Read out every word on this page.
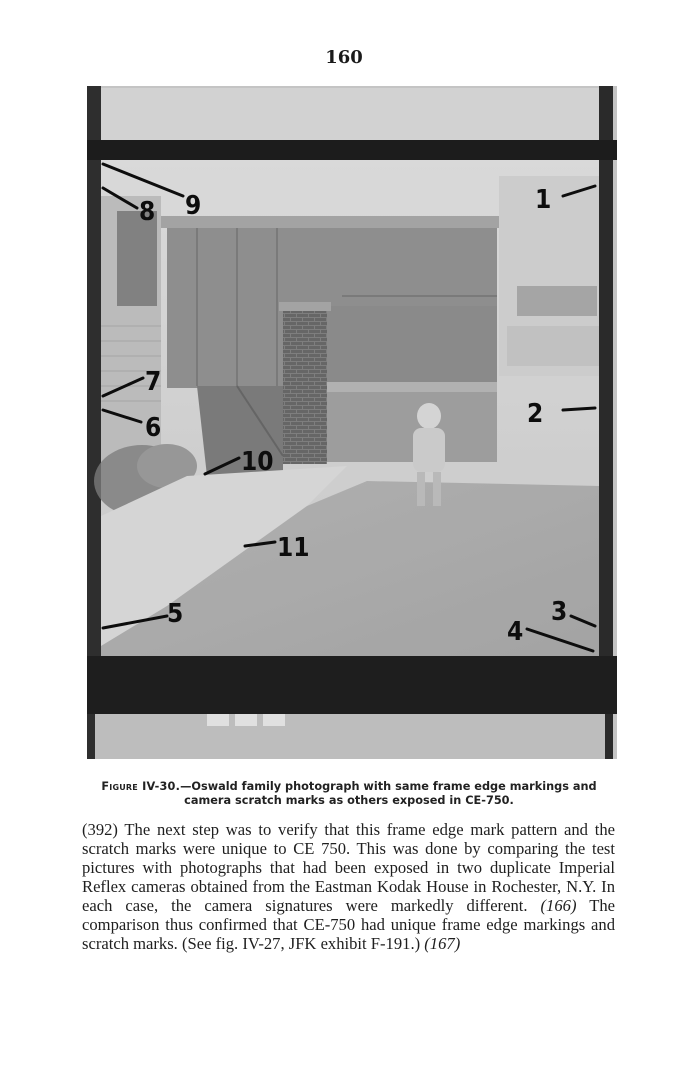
160
9
8	1
7
6	2
10
11
5	3
4
Figure IV-30.—Oswald family photograph with same frame edge markings and
camera scratch marks as others exposed in CE-750.
(392) The next step was to verify that this frame edge mark pattern and the scratch marks were unique to CE 750. This was done by comparing the test pictures with photographs that had been exposed in two duplicate Imperial Reflex cameras obtained from the Eastman Kodak House in Rochester, N.Y. In each case, the camera signatures were markedly different. (166) The comparison thus confirmed that CE-750 had unique frame edge markings and scratch marks. (See fig. IV-27, JFK exhibit F-191.) (167)
